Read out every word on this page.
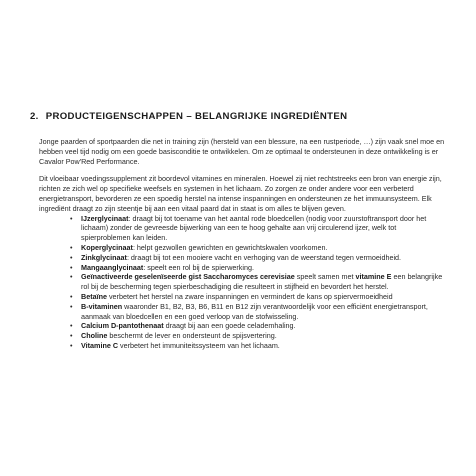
2. PRODUCTEIGENSCHAPPEN – BELANGRIJKE INGREDIËNTEN

Jonge paarden of sportpaarden die net in training zijn (hersteld van een blessure, na een rustperiode, …) zijn vaak snel moe en hebben veel tijd nodig om een goede basisconditie te ontwikkelen. Om ze optimaal te ondersteunen in deze ontwikkeling is er Cavalor Pow'Red Performance.

Dit vloeibaar voedingssupplement zit boordevol vitamines en mineralen. Hoewel zij niet rechtstreeks een bron van energie zijn, richten ze zich wel op specifieke weefsels en systemen in het lichaam. Zo zorgen ze onder andere voor een verbeterd energietransport, bevorderen ze een spoedig herstel na intense inspanningen en ondersteunen ze het immuunsysteem. Elk ingrediënt draagt zo zijn steentje bij aan een vitaal paard dat in staat is om alles te blijven geven.

• IJzerglycinaat: draagt bij tot toename van het aantal rode bloedcellen (nodig voor zuurstoftransport door het lichaam) zonder de gevreesde bijwerking van een te hoog gehalte aan vrij circulerend ijzer, welk tot spierproblemen kan leiden.
• Koperglycinaat: helpt gezwollen gewrichten en gewrichtskwalen voorkomen.
• Zinkglycinaat: draagt bij tot een mooiere vacht en verhoging van de weerstand tegen vermoeidheid.
• Mangaanglycinaat: speelt een rol bij de spierwerking.
• Geïnactiveerde geselenïseerde gist Saccharomyces cerevisiae speelt samen met vitamine E een belangrijke rol bij de bescherming tegen spierbeschadiging die resulteert in stijfheid en bevordert het herstel.
• Betaïne verbetert het herstel na zware inspanningen en vermindert de kans op spiervermoeidheid
• B-vitaminen waaronder B1, B2, B3, B6, B11 en B12 zijn verantwoordelijk voor een efficiënt energietransport, aanmaak van bloedcellen en een goed verloop van de stofwisseling.
• Calcium D-pantothenaat draagt bij aan een goede celademhaling.
• Choline beschermt de lever en ondersteunt de spijsvertering.
• Vitamine C verbetert het immuniteitssysteem van het lichaam.
